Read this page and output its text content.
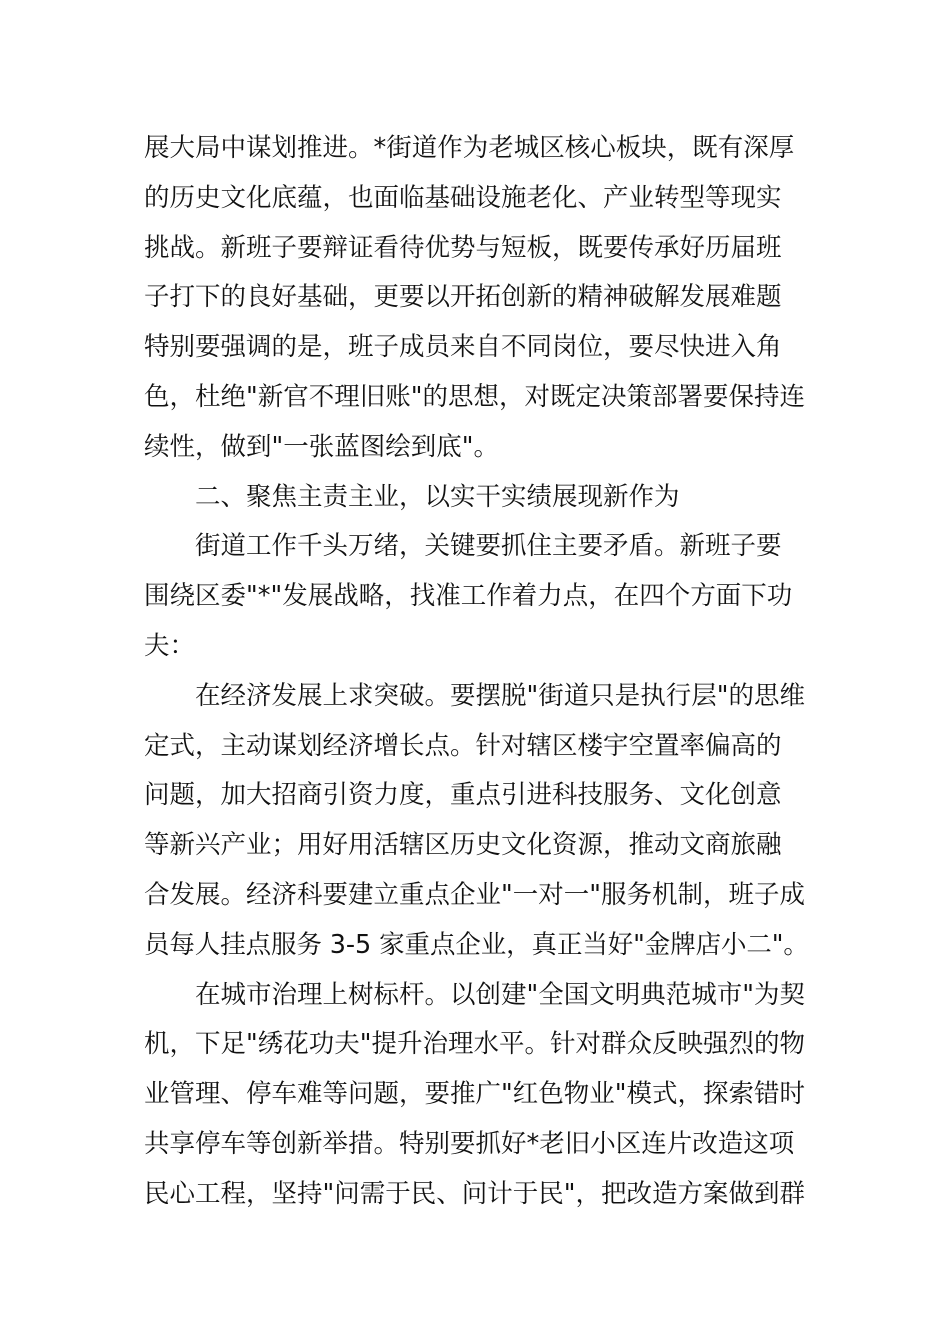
展大局中谋划推进。*街道作为老城区核心板块，既有深厚
的历史文化底蕴，也面临基础设施老化、产业转型等现实
挑战。新班子要辩证看待优势与短板，既要传承好历届班
子打下的良好基础，更要以开拓创新的精神破解发展难题
特别要强调的是，班子成员来自不同岗位，要尽快进入角
色，杜绝"新官不理旧账"的思想，对既定决策部署要保持连
续性，做到"一张蓝图绘到底"。
二、聚焦主责主业，以实干实绩展现新作为
街道工作千头万绪，关键要抓住主要矛盾。新班子要
围绕区委"*"发展战略，找准工作着力点，在四个方面下功
夫：
在经济发展上求突破。要摆脱"街道只是执行层"的思维
定式，主动谋划经济增长点。针对辖区楼宇空置率偏高的
问题，加大招商引资力度，重点引进科技服务、文化创意
等新兴产业；用好用活辖区历史文化资源，推动文商旅融
合发展。经济科要建立重点企业"一对一"服务机制，班子成
员每人挂点服务 3-5 家重点企业，真正当好"金牌店小二"。
在城市治理上树标杆。以创建"全国文明典范城市"为契
机，下足"绣花功夫"提升治理水平。针对群众反映强烈的物
业管理、停车难等问题，要推广"红色物业"模式，探索错时
共享停车等创新举措。特别要抓好*老旧小区连片改造这项
民心工程，坚持"问需于民、问计于民"，把改造方案做到群
